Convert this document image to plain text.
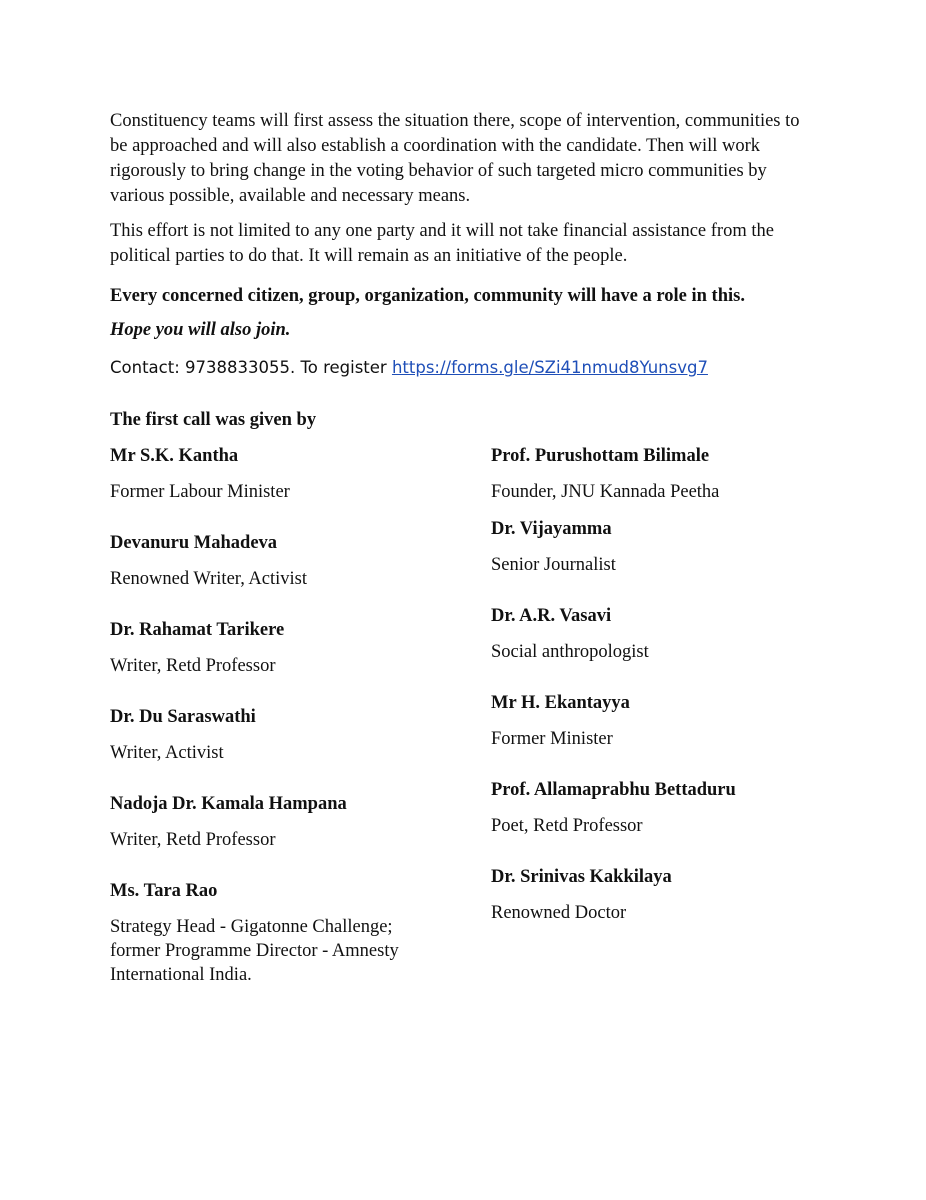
Constituency teams will first assess the situation there, scope of intervention, communities to be approached and will also establish a coordination with the candidate. Then will work rigorously to bring change in the voting behavior of such targeted micro communities by various possible, available and necessary means.

This effort is not limited to any one party and it will not take financial assistance from the political parties to do that. It will remain as an initiative of the people.

Every concerned citizen, group, organization, community will have a role in this.

Hope you will also join.

Contact: 9738833055. To register https://forms.gle/SZi41nmud8Yunsvg7

The first call was given by

Mr S.K. Kantha

Former Labour Minister

Devanuru Mahadeva

Renowned Writer, Activist

Dr. Rahamat Tarikere

Writer, Retd Professor

Dr. Du Saraswathi

Writer, Activist

Nadoja Dr. Kamala Hampana

Writer, Retd Professor

Ms. Tara Rao

Strategy Head - Gigatonne Challenge; former Programme Director - Amnesty International India.

Prof. Purushottam Bilimale

Founder, JNU Kannada Peetha

Dr. Vijayamma

Senior Journalist

Dr. A.R. Vasavi

Social anthropologist

Mr H. Ekantayya

Former Minister

Prof. Allamaprabhu Bettaduru

Poet, Retd Professor

Dr. Srinivas Kakkilaya

Renowned Doctor
